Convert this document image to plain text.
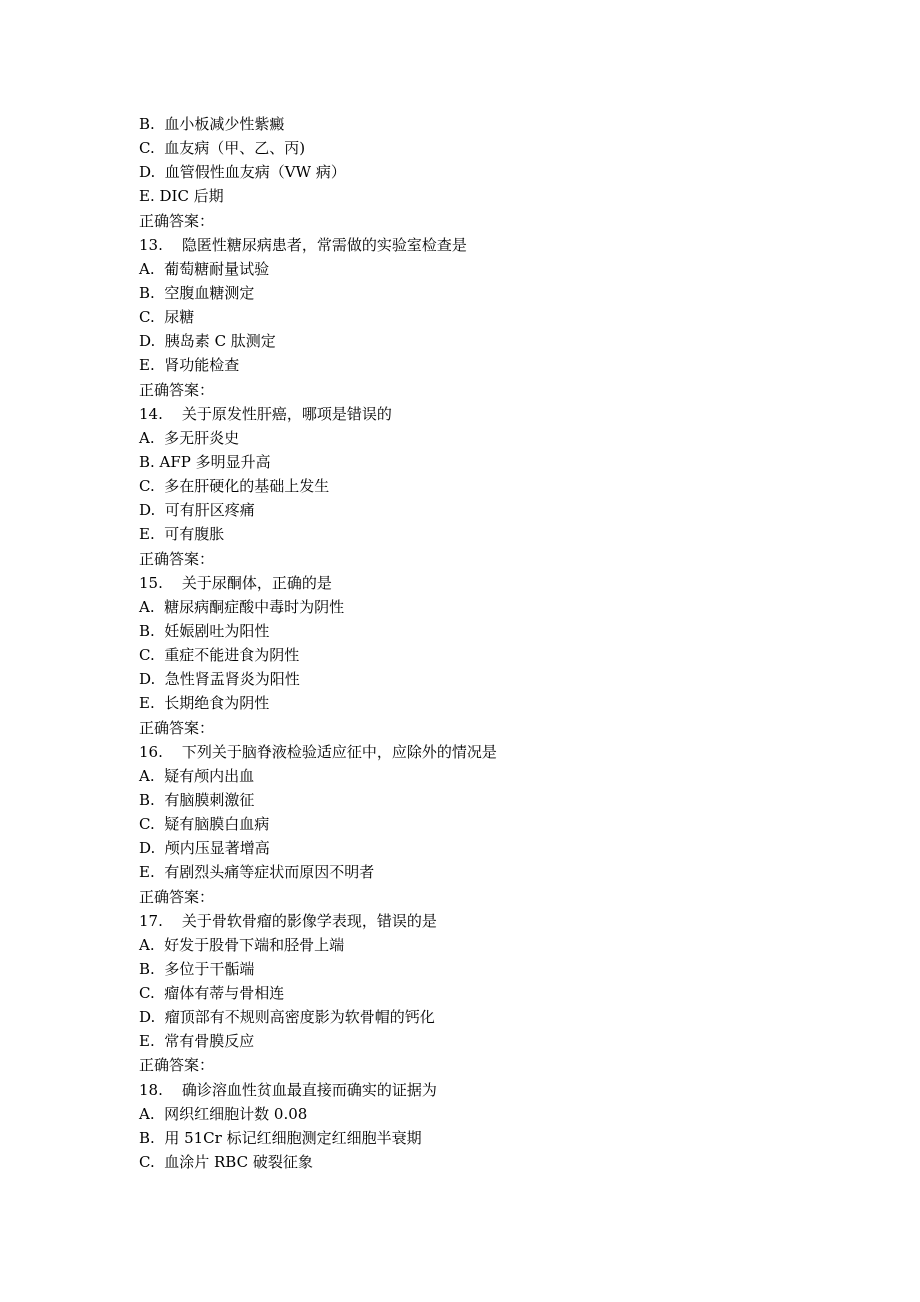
B.  血小板减少性紫癜
C.  血友病（甲、乙、丙)
D.  血管假性血友病（VW 病）
E. DIC 后期
正确答案：
13.    隐匿性糖尿病患者，常需做的实验室检查是
A.  葡萄糖耐量试验
B.  空腹血糖测定
C.  尿糖
D.  胰岛素 C 肽测定
E.  肾功能检查
正确答案：
14.    关于原发性肝癌，哪项是错误的
A.  多无肝炎史
B. AFP 多明显升高
C.  多在肝硬化的基础上发生
D.  可有肝区疼痛
E.  可有腹胀
正确答案：
15.    关于尿酮体，正确的是
A.  糖尿病酮症酸中毒时为阴性
B.  妊娠剧吐为阳性
C.  重症不能进食为阴性
D.  急性肾盂肾炎为阳性
E.  长期绝食为阴性
正确答案：
16.    下列关于脑脊液检验适应征中，应除外的情况是
A.  疑有颅内出血
B.  有脑膜刺激征
C.  疑有脑膜白血病
D.  颅内压显著增高
E.  有剧烈头痛等症状而原因不明者
正确答案：
17.    关于骨软骨瘤的影像学表现，错误的是
A.  好发于股骨下端和胫骨上端
B.  多位于干骺端
C.  瘤体有蒂与骨相连
D.  瘤顶部有不规则高密度影为软骨帽的钙化
E.  常有骨膜反应
正确答案：
18.    确诊溶血性贫血最直接而确实的证据为
A.  网织红细胞计数 0.08
B.  用 51Cr 标记红细胞测定红细胞半衰期
C.  血涂片 RBC 破裂征象
